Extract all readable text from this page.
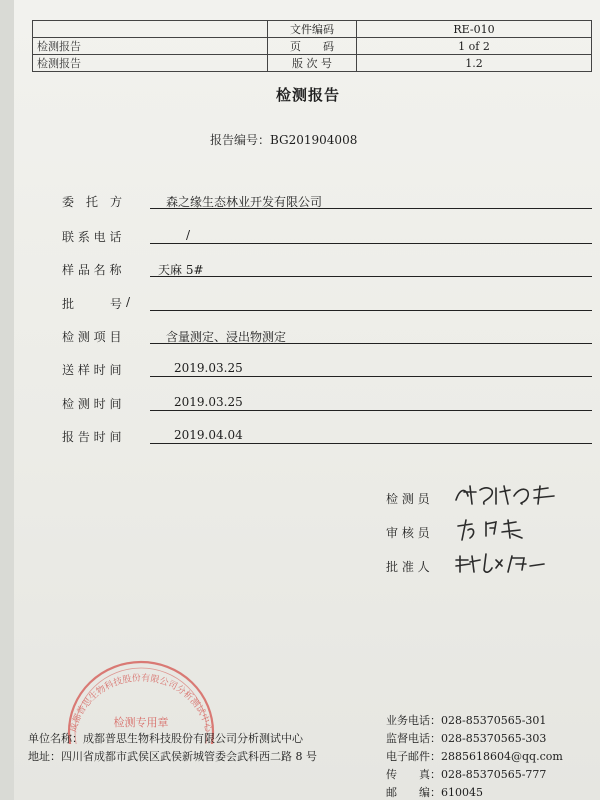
	文件编码	RE-010
检测报告	页　　码	1 of 2
检测报告	版 次 号	1.2
检测报告
报告编号：BG201904008
委　托　方	森之缘生态林业开发有限公司
联 系 电 话	/
样 品 名 称	天麻 5#
批　　　号 /
检 测 项 目	含量测定、浸出物测定
送 样 时 间	2019.03.25
检 测 时 间	2019.03.25
报 告 时 间	2019.04.04
检 测 员
审 核 员
批 准 人
成都普思生物科技股份有限公司分析测试中心
检测专用章
单位名称：成都普思生物科技股份有限公司分析测试中心
地址：四川省成都市武侯区武侯新城管委会武科西二路 8 号
业务电话：028-85370565-301
监督电话：028-85370565-303
电子邮件：2885618604@qq.com
传　　真：028-85370565-777
邮　　编：610045
